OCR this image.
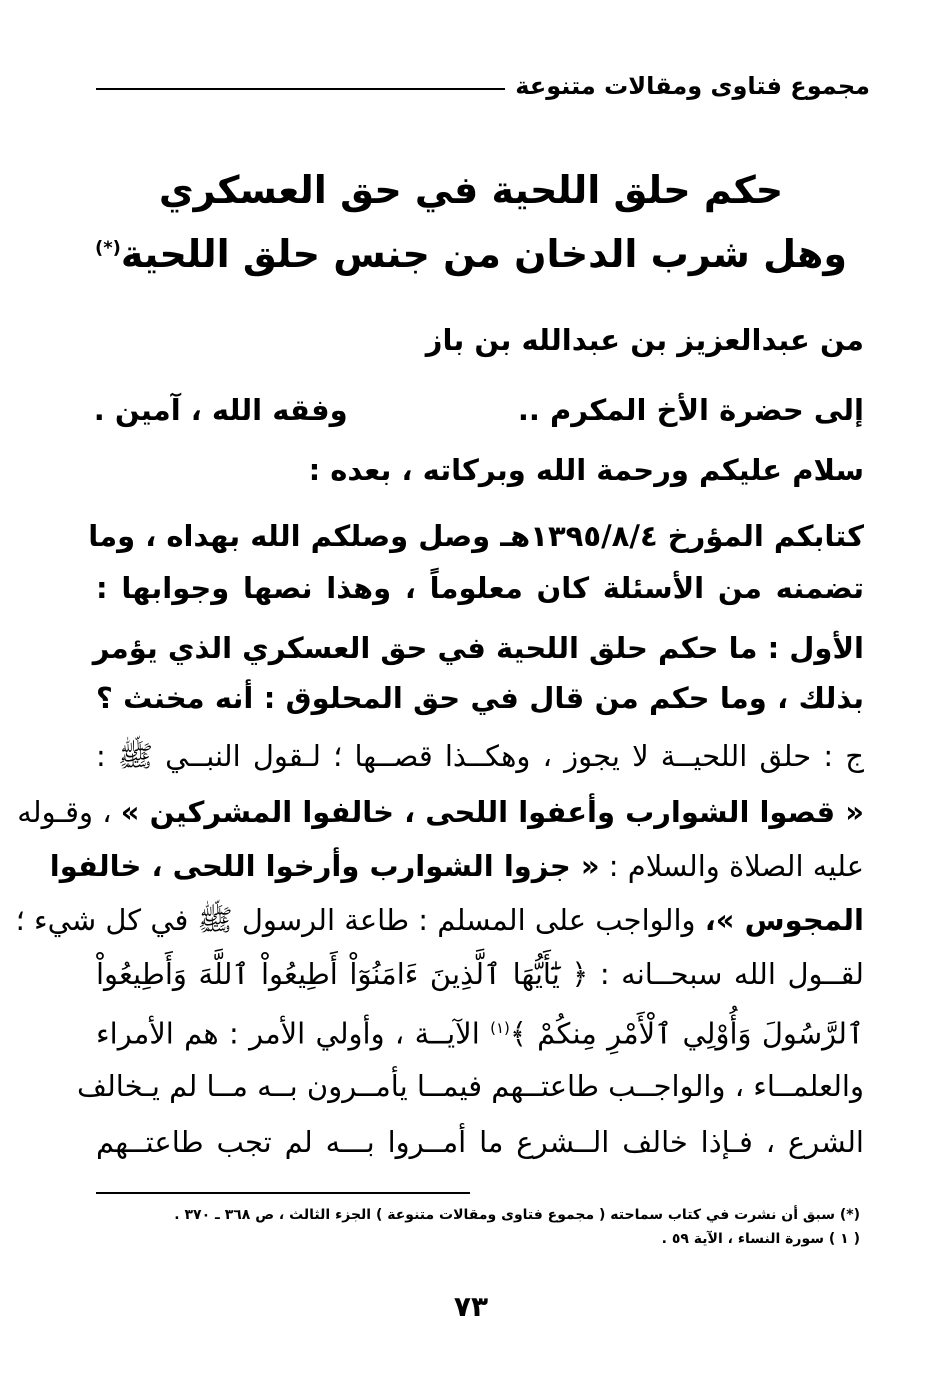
مجموع فتاوى ومقالات متنوعة
حكم حلق اللحية في حق العسكري
وهل شرب الدخان من جنس حلق اللحية(*)
من عبدالعزيز بن عبدالله بن باز
إلى حضرة الأخ المكرم ..  وفقه الله ، آمين .
سلام عليكم ورحمة الله وبركاته ، بعده :
كتابكم المؤرخ ١٣٩٥/٨/٤هـ وصل وصلكم الله بهداه ، وما
تضمنه من الأسئلة كان معلوماً ، وهذا نصها وجوابها :
الأول : ما حكم حلق اللحية في حق العسكري الذي يؤمر
بذلك ، وما حكم من قال في حق المحلوق : أنه مخنث ؟
ج : حلق اللحيــة لا يجوز ، وهكــذا قصــها ؛ لـقول النبــي ﷺ :
« قصوا الشوارب وأعفوا اللحى ، خالفوا المشركين » ، وقـوله
عليه الصلاة والسلام : « جزوا الشوارب وأرخوا اللحى ، خالفوا
المجوس »، والواجب على المسلم : طاعة الرسول ﷺ في كل شيء ؛
لقــول الله سبحــانه : ﴿ يَٰٓأَيُّهَا ٱلَّذِينَ ءَامَنُوٓاْ أَطِيعُواْ ٱللَّهَ وَأَطِيعُواْ
ٱلرَّسُولَ وَأُوْلِي ٱلْأَمْرِ مِنكُمْ ﴾$^{(١)}$ الآيــة ، وأولي الأمر : هم الأمراء
والعلمــاء ، والواجــب طاعتــهم فيمــا يأمــرون بــه مــا لم يـخالف
الشرع ، فـإذا خالف الــشرع ما أمــروا بـــه لم تجب طاعتــهم
(*) سبق أن نشرت في كتاب سماحته ( مجموع فتاوى ومقالات متنوعة ) الجزء الثالث ، ص ٣٦٨ ـ ٣٧٠ .
( ١ ) سورة النساء ، الآية ٥٩ .
٧٣
